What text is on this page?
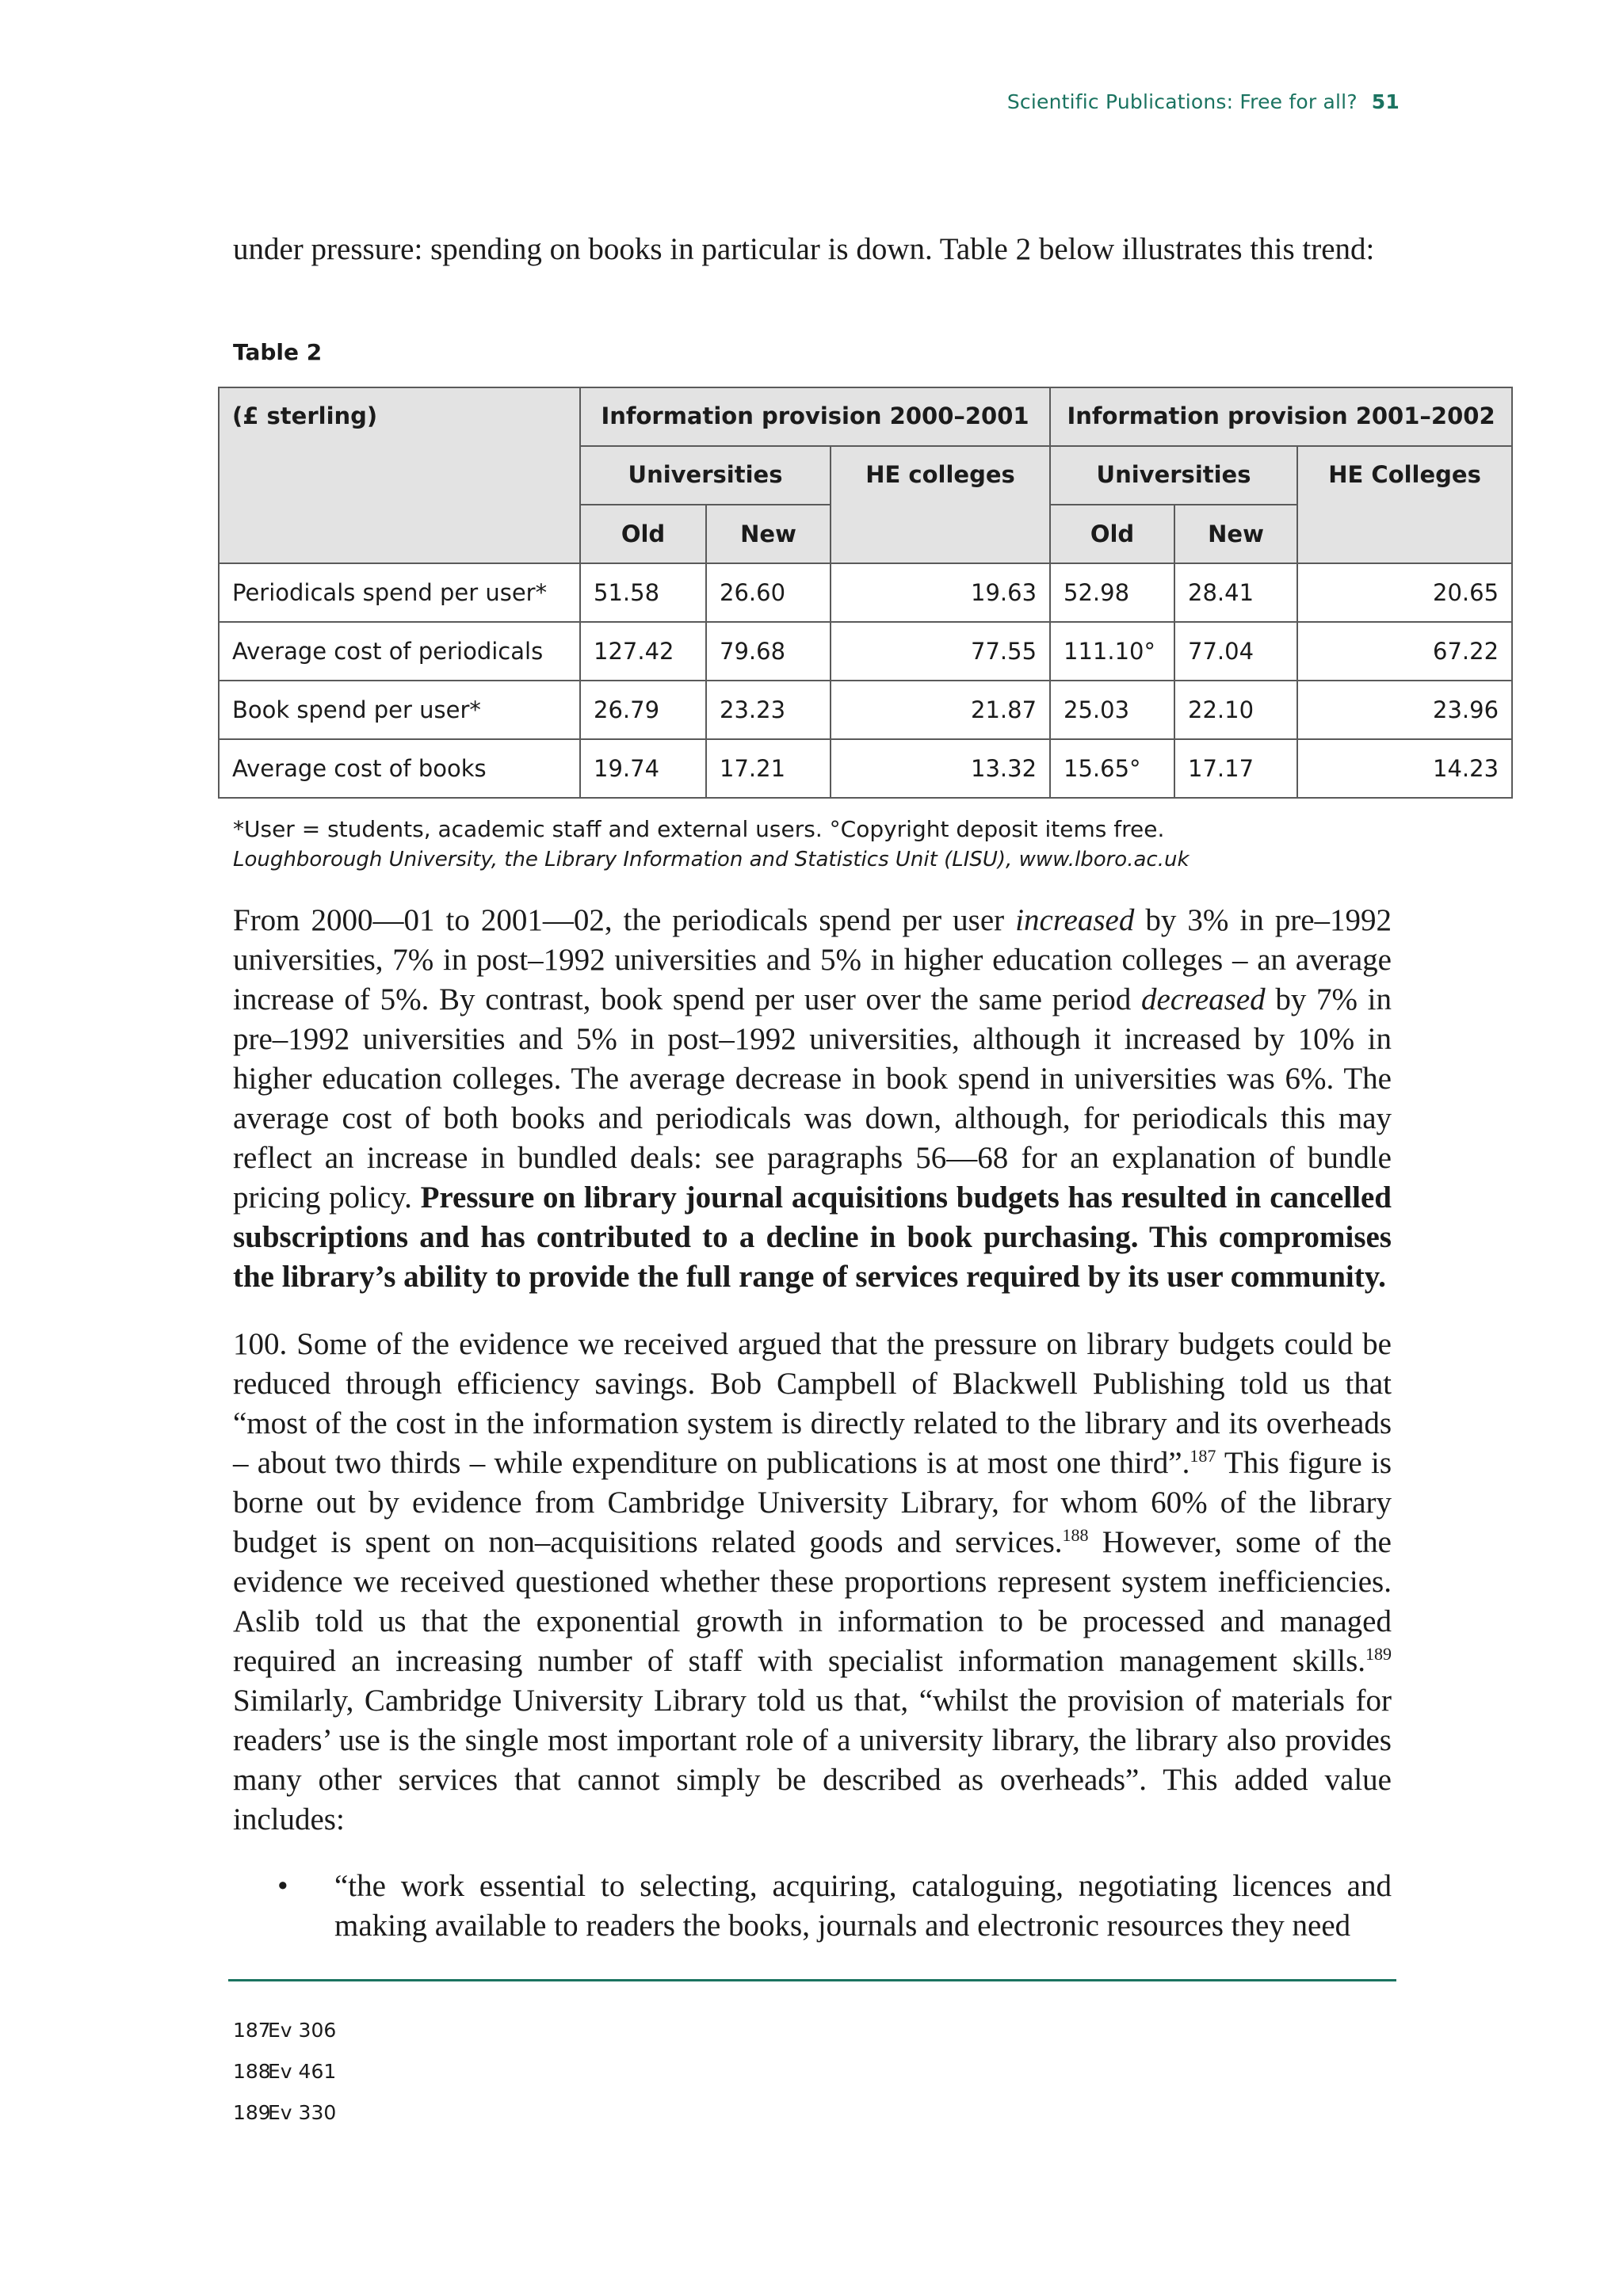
Scientific Publications: Free for all? 51

under pressure: spending on books in particular is down. Table 2 below illustrates this trend:

Table 2
(£ sterling)	Information provision 2000–2001			Information provision 2001–2002		
	Universities		HE colleges	Universities		HE Colleges
	Old	New		Old	New	
Periodicals spend per user*	51.58	26.60	19.63	52.98	28.41	20.65
Average cost of periodicals	127.42	79.68	77.55	111.10°	77.04	67.22
Book spend per user*	26.79	23.23	21.87	25.03	22.10	23.96
Average cost of books	19.74	17.21	13.32	15.65°	17.17	14.23
*User = students, academic staff and external users. °Copyright deposit items free.
Loughborough University, the Library Information and Statistics Unit (LISU), www.lboro.ac.uk

From 2000—01 to 2001—02, the periodicals spend per user increased by 3% in pre–1992 universities, 7% in post–1992 universities and 5% in higher education colleges – an average increase of 5%. By contrast, book spend per user over the same period decreased by 7% in pre–1992 universities and 5% in post–1992 universities, although it increased by 10% in higher education colleges. The average decrease in book spend in universities was 6%. The average cost of both books and periodicals was down, although, for periodicals this may reflect an increase in bundled deals: see paragraphs 56—68 for an explanation of bundle pricing policy. Pressure on library journal acquisitions budgets has resulted in cancelled subscriptions and has contributed to a decline in book purchasing. This compromises the library’s ability to provide the full range of services required by its user community.

100. Some of the evidence we received argued that the pressure on library budgets could be reduced through efficiency savings. Bob Campbell of Blackwell Publishing told us that “most of the cost in the information system is directly related to the library and its overheads – about two thirds – while expenditure on publications is at most one third”.$^{187}$ This figure is borne out by evidence from Cambridge University Library, for whom 60% of the library budget is spent on non–acquisitions related goods and services.$^{188}$ However, some of the evidence we received questioned whether these proportions represent system inefficiencies. Aslib told us that the exponential growth in information to be processed and managed required an increasing number of staff with specialist information management skills.$^{189}$ Similarly, Cambridge University Library told us that, “whilst the provision of materials for readers’ use is the single most important role of a university library, the library also provides many other services that cannot simply be described as overheads”. This added value includes:

• “the work essential to selecting, acquiring, cataloguing, negotiating licences and making available to readers the books, journals and electronic resources they need
187Ev 306
188Ev 461
189Ev 330
